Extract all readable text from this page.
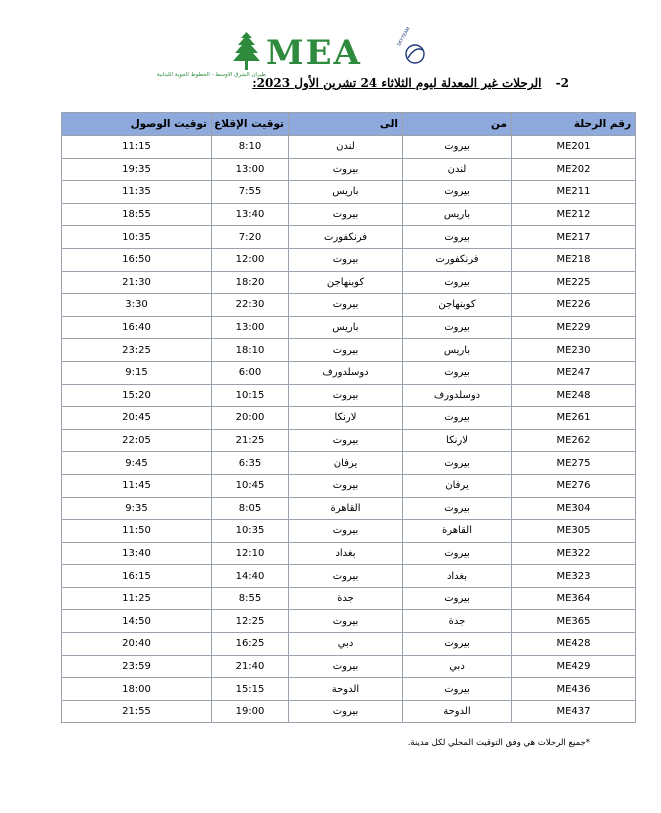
MEA
طيران الشرق الاوسط - الخطوط الجوية اللبنانية
SKYTEAM
2- الرحلات غير المعدلة ليوم الثلاثاء 24 تشرين الأول 2023:
رقم الرحلة	من	الى	توقيت الإقلاع	توقيت الوصول
ME201	بيروت	لندن	8:10	11:15
ME202	لندن	بيروت	13:00	19:35
ME211	بيروت	باريس	7:55	11:35
ME212	باريس	بيروت	13:40	18:55
ME217	بيروت	فرنكفورت	7:20	10:35
ME218	فرنكفورت	بيروت	12:00	16:50
ME225	بيروت	كوبنهاجن	18:20	21:30
ME226	كوبنهاجن	بيروت	22:30	3:30
ME229	بيروت	باريس	13:00	16:40
ME230	باريس	بيروت	18:10	23:25
ME247	بيروت	دوسلدورف	6:00	9:15
ME248	دوسلدورف	بيروت	10:15	15:20
ME261	بيروت	لارنكا	20:00	20:45
ME262	لارنكا	بيروت	21:25	22:05
ME275	بيروت	يرفان	6:35	9:45
ME276	يرفان	بيروت	10:45	11:45
ME304	بيروت	القاهرة	8:05	9:35
ME305	القاهرة	بيروت	10:35	11:50
ME322	بيروت	بغداد	12:10	13:40
ME323	بغداد	بيروت	14:40	16:15
ME364	بيروت	جدة	8:55	11:25
ME365	جدة	بيروت	12:25	14:50
ME428	بيروت	دبي	16:25	20:40
ME429	دبي	بيروت	21:40	23:59
ME436	بيروت	الدوحة	15:15	18:00
ME437	الدوحة	بيروت	19:00	21:55
*جميع الرحلات هي وفق التوقيت المحلي لكل مدينة.
